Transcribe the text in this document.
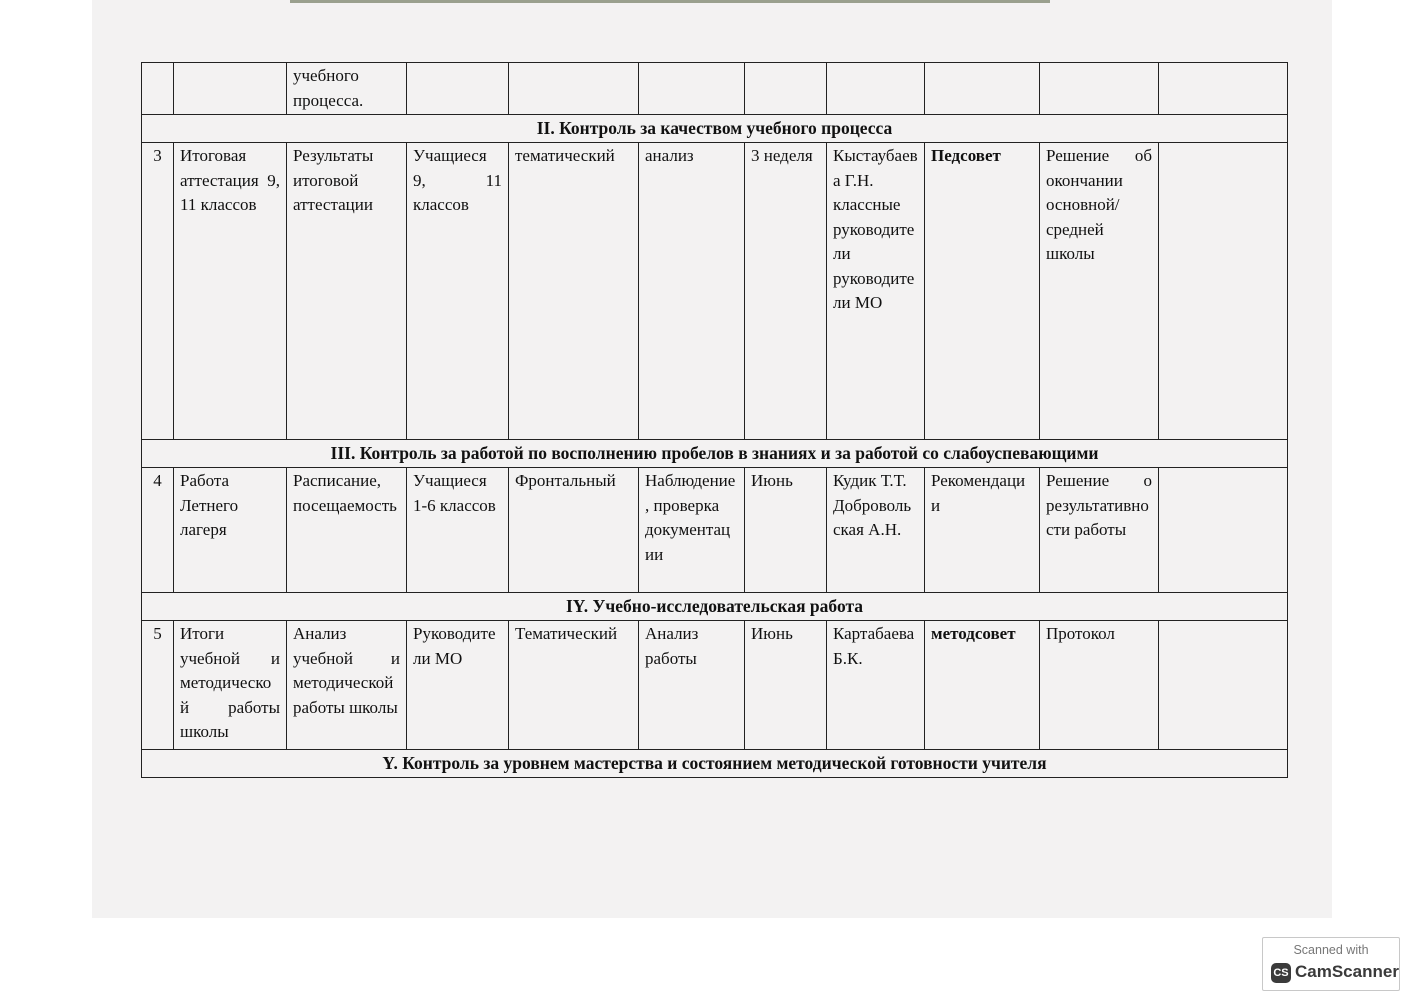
		учебного процесса.								
II. Контроль за качеством учебного процесса										
3	Итоговая аттестация 9, 11 классов	Результаты итоговой аттестации	Учащиеся 9, 11 классов	тематический	анализ	3 неделя	Кыстаубаева Г.Н. классные руководители руководители МО	Педсовет	Решение об окончании основной/средней школы	
III. Контроль за работой по восполнению пробелов в знаниях и за работой со слабоуспевающими										
4	Работа Летнего лагеря	Расписание, посещаемость	Учащиеся 1-6 классов	Фронтальный	Наблюдение, проверка документации	Июнь	Кудик Т.Т. Добровольская А.Н.	Рекомендации	Решение о результативности работы	
IY. Учебно-исследовательская работа										
5	Итоги учебной и методической работы школы	Анализ учебной и методической работы школы	Руководители МО	Тематический	Анализ работы	Июнь	КартабаеваБ.К.	методсовет	Протокол	
Y. Контроль за уровнем мастерства и состоянием методической готовности учителя										
Scanned with
CS CamScanner
